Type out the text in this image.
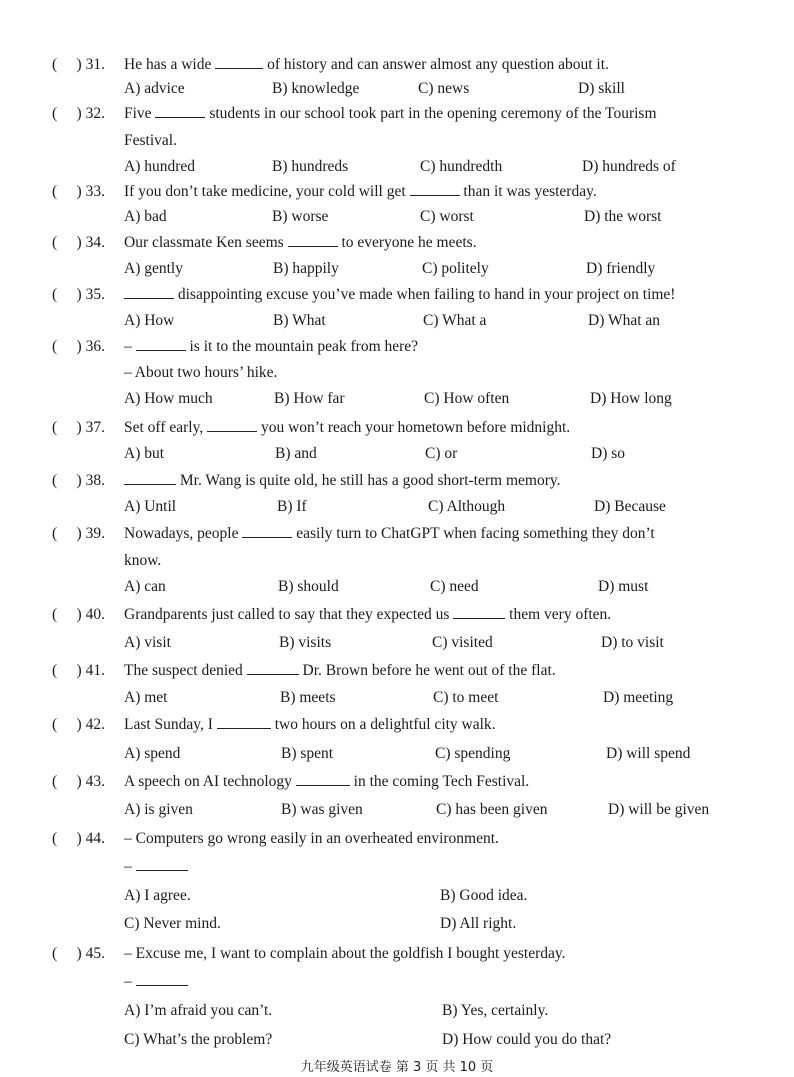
(     ) 31. He has a wide	of history and can answer almost any question about it.
A) advice	B) knowledge	C) news	D) skill
(     ) 32. Five	students in our school took part in the opening ceremony of the Tourism
Festival.
A) hundred	B) hundreds	C) hundredth	D) hundreds of
(     ) 33. If you don’t take medicine, your cold will get	than it was yesterday.
A) bad	B) worse	C) worst	D) the worst
(     ) 34. Our classmate Ken seems	to everyone he meets.
A) gently	B) happily	C) politely	D) friendly
(     ) 35.	disappointing excuse you’ve made when failing to hand in your project on time!
A) How	B) What	C) What a	D) What an
(     ) 36. –	is it to the mountain peak from here?
– About two hours’ hike.
A) How much	B) How far	C) How often	D) How long
(     ) 37. Set off early,	you won’t reach your hometown before midnight.
A) but	B) and	C) or	D) so
(     ) 38.	Mr. Wang is quite old, he still has a good short-term memory.
A) Until	B) If	C) Although	D) Because
(     ) 39. Nowadays, people	easily turn to ChatGPT when facing something they don’t
know.
A) can	B) should	C) need	D) must
(     ) 40. Grandparents just called to say that they expected us	them very often.
A) visit	B) visits	C) visited	D) to visit
(     ) 41. The suspect denied	Dr. Brown before he went out of the flat.
A) met	B) meets	C) to meet	D) meeting
(     ) 42. Last Sunday, I	two hours on a delightful city walk.
A) spend	B) spent	C) spending	D) will spend
(     ) 43. A speech on AI technology	in the coming Tech Festival.
A) is given	B) was given	C) has been given	D) will be given
(     ) 44. – Computers go wrong easily in an overheated environment.
–
A) I agree.	B) Good idea.
C) Never mind.	D) All right.
(     ) 45. – Excuse me, I want to complain about the goldfish I bought yesterday.
–
A) I’m afraid you can’t.	B) Yes, certainly.
C) What’s the problem?	D) How could you do that?
九年级英语试卷 第 3 页 共 10 页
